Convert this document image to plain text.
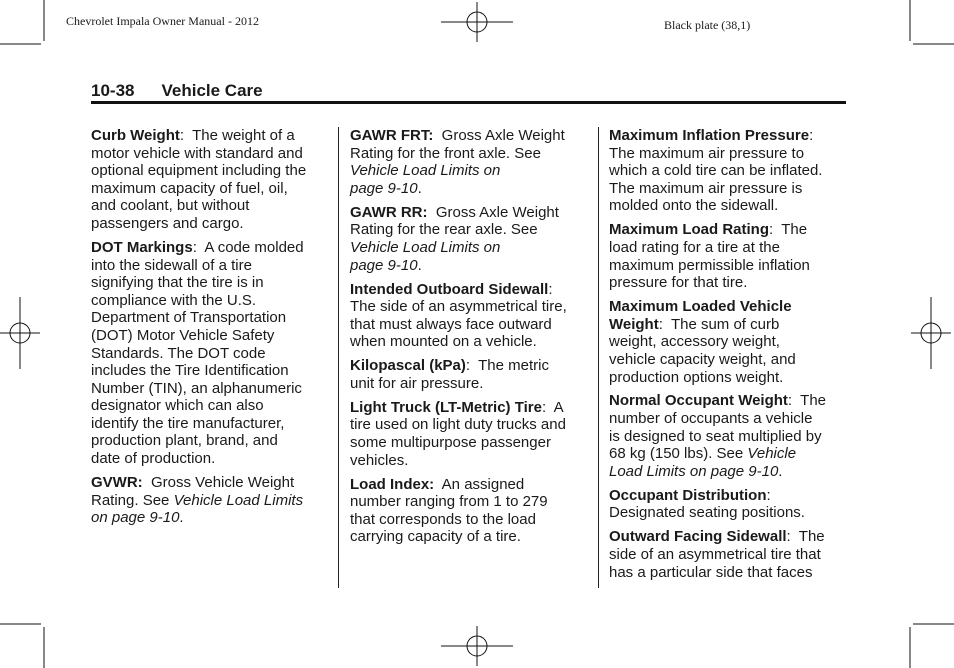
Chevrolet Impala Owner Manual - 2012	Black plate (38,1)
10-38 Vehicle Care
Curb Weight:  The weight of a
motor vehicle with standard and
optional equipment including the
maximum capacity of fuel, oil,
and coolant, but without
passengers and cargo.
DOT Markings:  A code molded
into the sidewall of a tire
signifying that the tire is in
compliance with the U.S.
Department of Transportation
(DOT) Motor Vehicle Safety
Standards. The DOT code
includes the Tire Identification
Number (TIN), an alphanumeric
designator which can also
identify the tire manufacturer,
production plant, brand, and
date of production.
GVWR:  Gross Vehicle Weight
Rating. See Vehicle Load Limits
on page 9-10.
GAWR FRT:  Gross Axle Weight
Rating for the front axle. See
Vehicle Load Limits on
page 9-10.
GAWR RR:  Gross Axle Weight
Rating for the rear axle. See
Vehicle Load Limits on
page 9-10.
Intended Outboard Sidewall:
The side of an asymmetrical tire,
that must always face outward
when mounted on a vehicle.
Kilopascal (kPa):  The metric
unit for air pressure.
Light Truck (LT-Metric) Tire:  A
tire used on light duty trucks and
some multipurpose passenger
vehicles.
Load Index:  An assigned
number ranging from 1 to 279
that corresponds to the load
carrying capacity of a tire.
Maximum Inflation Pressure:
The maximum air pressure to
which a cold tire can be inflated.
The maximum air pressure is
molded onto the sidewall.
Maximum Load Rating:  The
load rating for a tire at the
maximum permissible inflation
pressure for that tire.
Maximum Loaded Vehicle
Weight:  The sum of curb
weight, accessory weight,
vehicle capacity weight, and
production options weight.
Normal Occupant Weight:  The
number of occupants a vehicle
is designed to seat multiplied by
68 kg (150 lbs). See Vehicle
Load Limits on page 9-10.
Occupant Distribution:
Designated seating positions.
Outward Facing Sidewall:  The
side of an asymmetrical tire that
has a particular side that faces
